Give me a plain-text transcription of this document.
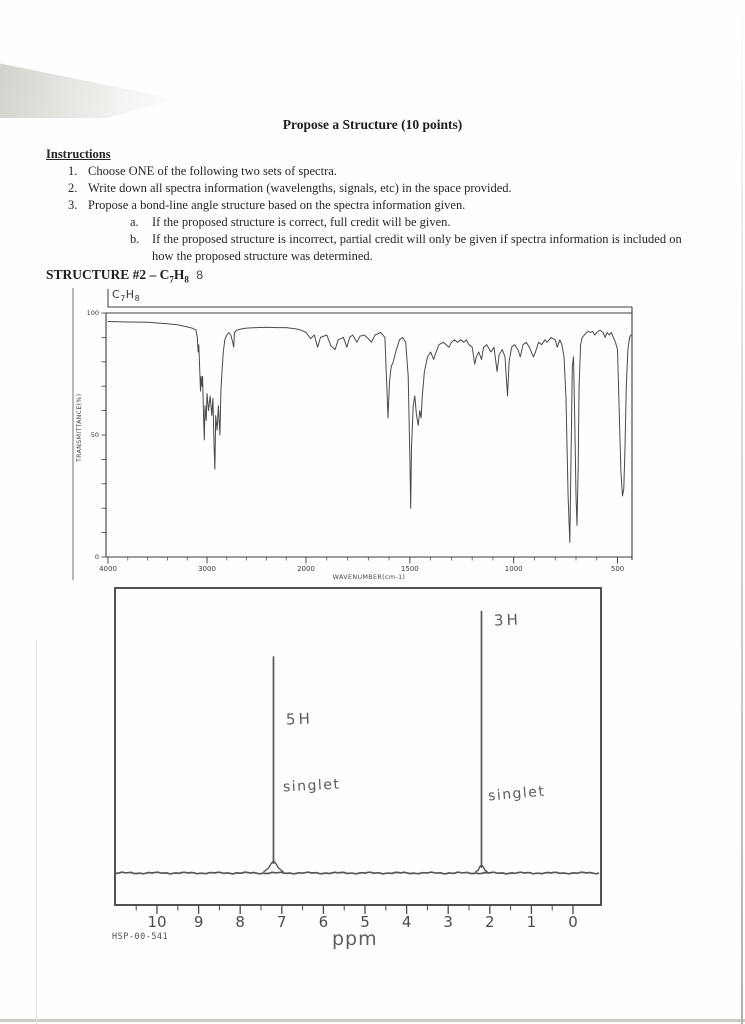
Propose a Structure (10 points)
Instructions
1. Choose ONE of the following two sets of spectra.
2. Write down all spectra information (wavelengths, signals, etc) in the space provided.
3. Propose a bond-line angle structure based on the spectra information given.
a.	If the proposed structure is correct, full credit will be given.
b.	If the proposed structure is incorrect, partial credit will only be given if spectra information is included on how the proposed structure was determined.
STRUCTURE #2 – $C_7H_8$ 8
100
50
0
4000	3000	2000	1500	1000	500
WAVENUMBER(cm-1)
TRANSMITTANCE(%)
$C_7H_8$
10 9 8 7 6 5 4 3 2 1 0
3H
5H
singlet	singlet
ppm
HSP-00-541
